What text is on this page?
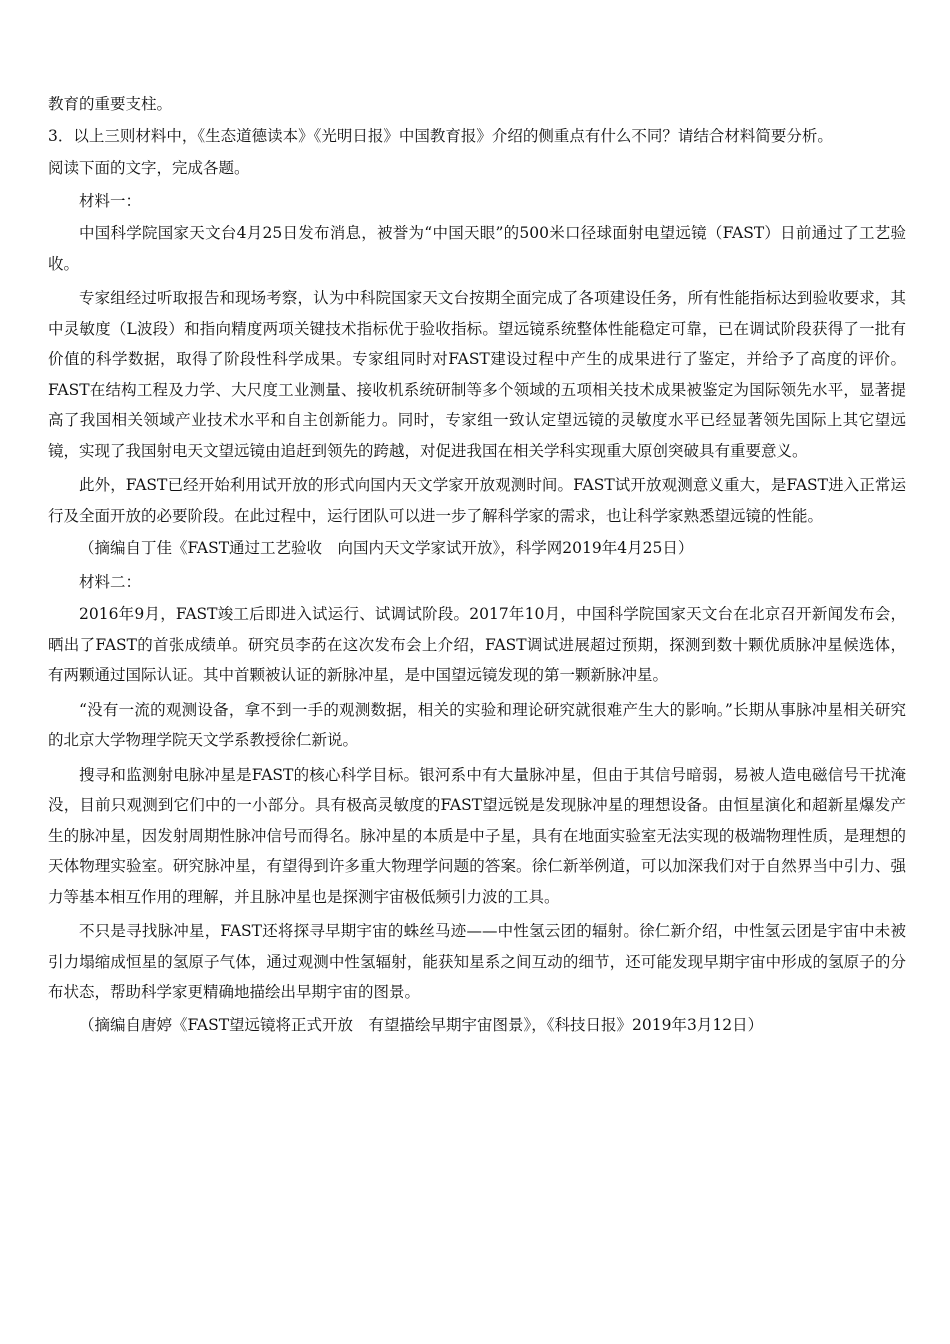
教育的重要支柱。

3．以上三则材料中，《生态道德读本》《光明日报》中国教育报》介绍的侧重点有什么不同？请结合材料简要分析。

阅读下面的文字，完成各题。

材料一：

中国科学院国家天文台4月25日发布消息，被誉为“中国天眼”的500米口径球面射电望远镜（FAST）日前通过了工艺验收。

专家组经过听取报告和现场考察，认为中科院国家天文台按期全面完成了各项建设任务，所有性能指标达到验收要求，其中灵敏度（L波段）和指向精度两项关键技术指标优于验收指标。望远镜系统整体性能稳定可靠，已在调试阶段获得了一批有价值的科学数据，取得了阶段性科学成果。专家组同时对FAST建设过程中产生的成果进行了鉴定，并给予了高度的评价。FAST在结构工程及力学、大尺度工业测量、接收机系统研制等多个领域的五项相关技术成果被鉴定为国际领先水平，显著提高了我国相关领域产业技术水平和自主创新能力。同时，专家组一致认定望远镜的灵敏度水平已经显著领先国际上其它望远镜，实现了我国射电天文望远镜由追赶到领先的跨越，对促进我国在相关学科实现重大原创突破具有重要意义。

此外，FAST已经开始利用试开放的形式向国内天文学家开放观测时间。FAST试开放观测意义重大，是FAST进入正常运行及全面开放的必要阶段。在此过程中，运行团队可以进一步了解科学家的需求，也让科学家熟悉望远镜的性能。

（摘编自丁佳《FAST通过工艺验收　向国内天文学家试开放》，科学网2019年4月25日）

材料二：

2016年9月，FAST竣工后即进入试运行、试调试阶段。2017年10月，中国科学院国家天文台在北京召开新闻发布会，晒出了FAST的首张成绩单。研究员李菂在这次发布会上介绍，FAST调试进展超过预期，探测到数十颗优质脉冲星候选体，有两颗通过国际认证。其中首颗被认证的新脉冲星，是中国望远镜发现的第一颗新脉冲星。

“没有一流的观测设备，拿不到一手的观测数据，相关的实验和理论研究就很难产生大的影响。”长期从事脉冲星相关研究的北京大学物理学院天文学系教授徐仁新说。

搜寻和监测射电脉冲星是FAST的核心科学目标。银河系中有大量脉冲星，但由于其信号暗弱，易被人造电磁信号干扰淹没，目前只观测到它们中的一小部分。具有极高灵敏度的FAST望远锐是发现脉冲星的理想设备。由恒星演化和超新星爆发产生的脉冲星，因发射周期性脉冲信号而得名。脉冲星的本质是中子星，具有在地面实验室无法实现的极端物理性质，是理想的天体物理实验室。研究脉冲星，有望得到许多重大物理学问题的答案。徐仁新举例道，可以加深我们对于自然界当中引力、强力等基本相互作用的理解，并且脉冲星也是探测宇宙极低频引力波的工具。

不只是寻找脉冲星，FAST还将探寻早期宇宙的蛛丝马迹——中性氢云团的辐射。徐仁新介绍，中性氢云团是宇宙中未被引力塌缩成恒星的氢原子气体，通过观测中性氢辐射，能获知星系之间互动的细节，还可能发现早期宇宙中形成的氢原子的分布状态，帮助科学家更精确地描绘出早期宇宙的图景。

（摘编自唐婷《FAST望远镜将正式开放　有望描绘早期宇宙图景》，《科技日报》2019年3月12日）
